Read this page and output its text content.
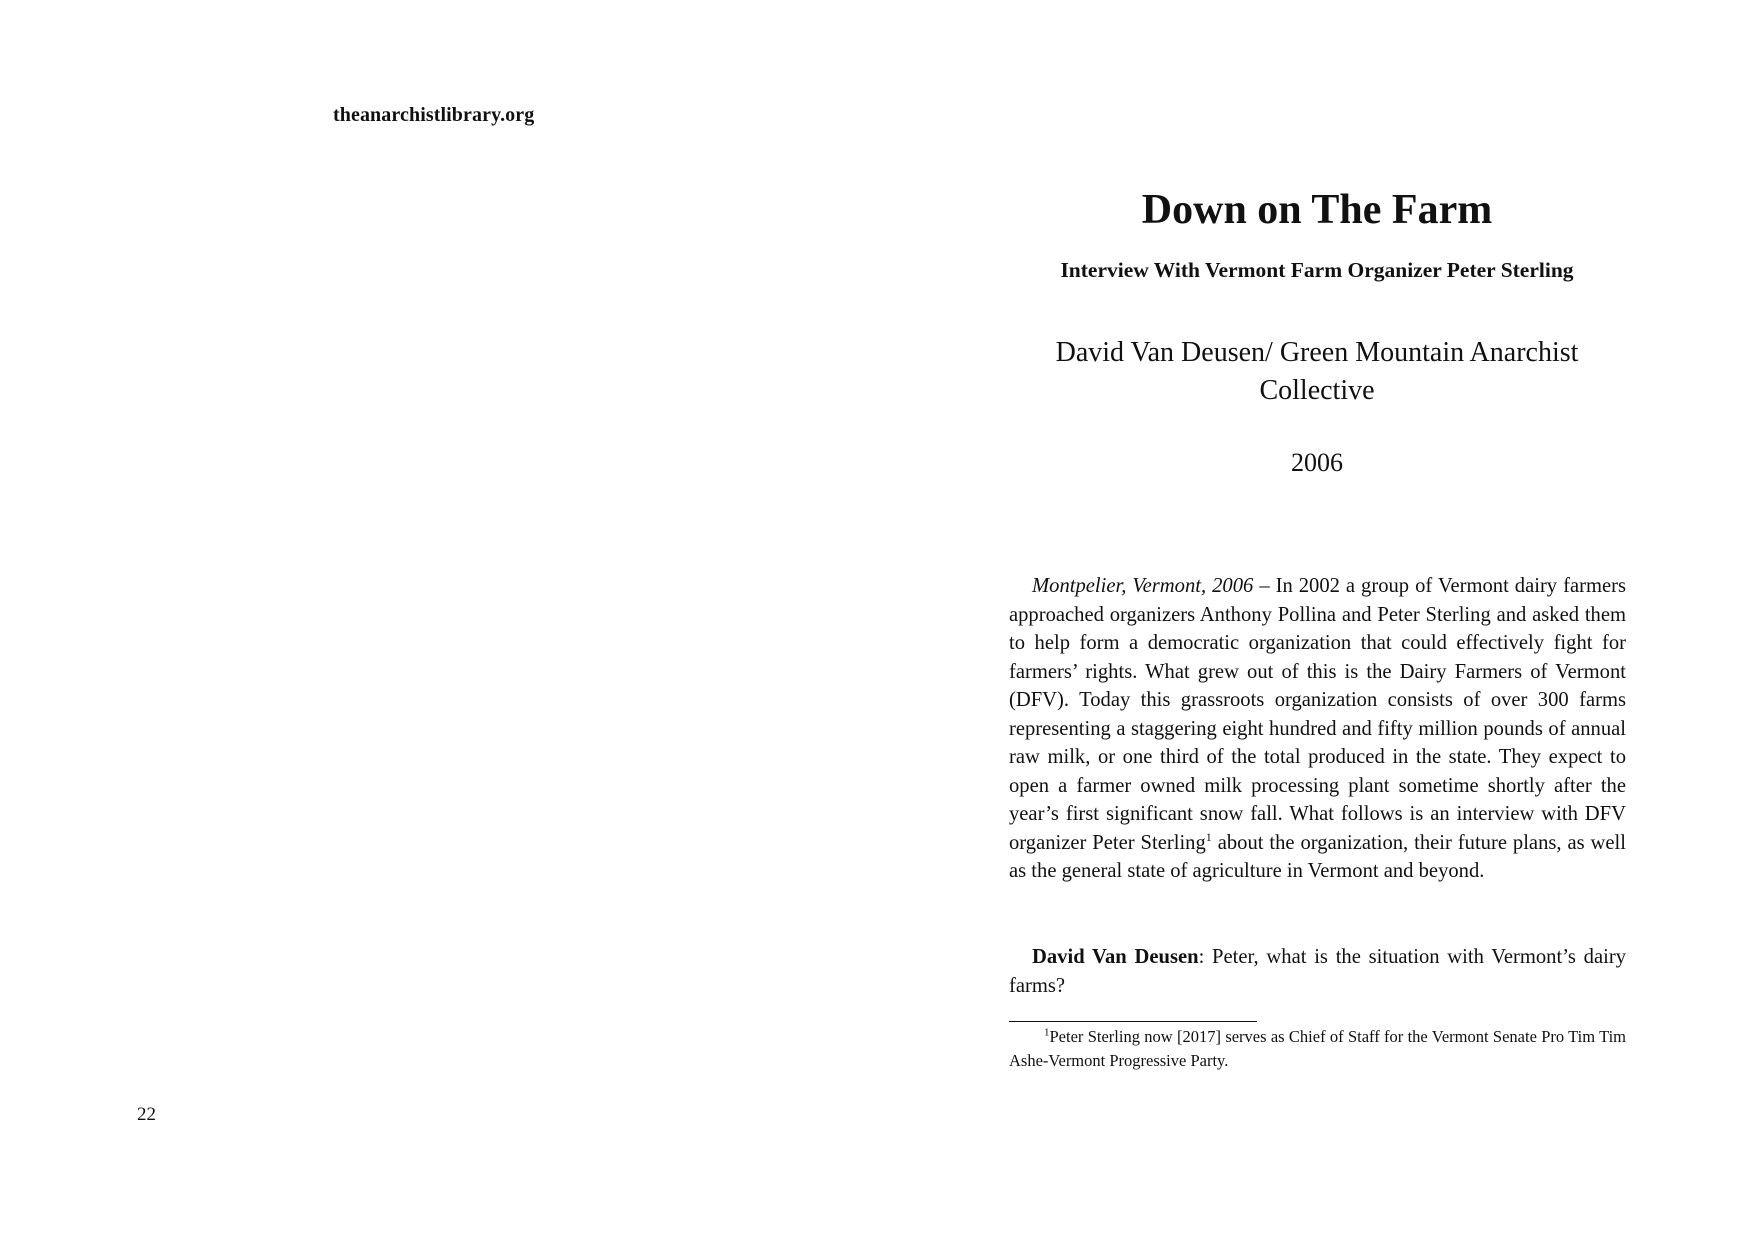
theanarchistlibrary.org
22
Down on The Farm
Interview With Vermont Farm Organizer Peter Sterling
David Van Deusen/ Green Mountain Anarchist Collective
2006

Montpelier, Vermont, 2006 – In 2002 a group of Vermont dairy farmers approached organizers Anthony Pollina and Peter Sterling and asked them to help form a democratic organization that could effectively fight for farmers’ rights. What grew out of this is the Dairy Farmers of Vermont (DFV). Today this grassroots organization consists of over 300 farms representing a staggering eight hundred and fifty million pounds of annual raw milk, or one third of the total produced in the state. They expect to open a farmer owned milk processing plant sometime shortly after the year’s first significant snow fall. What follows is an interview with DFV organizer Peter Sterling$^1$ about the organization, their future plans, as well as the general state of agriculture in Vermont and beyond.

David Van Deusen: Peter, what is the situation with Vermont’s dairy farms?

$^1$Peter Sterling now [2017] serves as Chief of Staff for the Vermont Senate Pro Tim Tim Ashe-Vermont Progressive Party.
